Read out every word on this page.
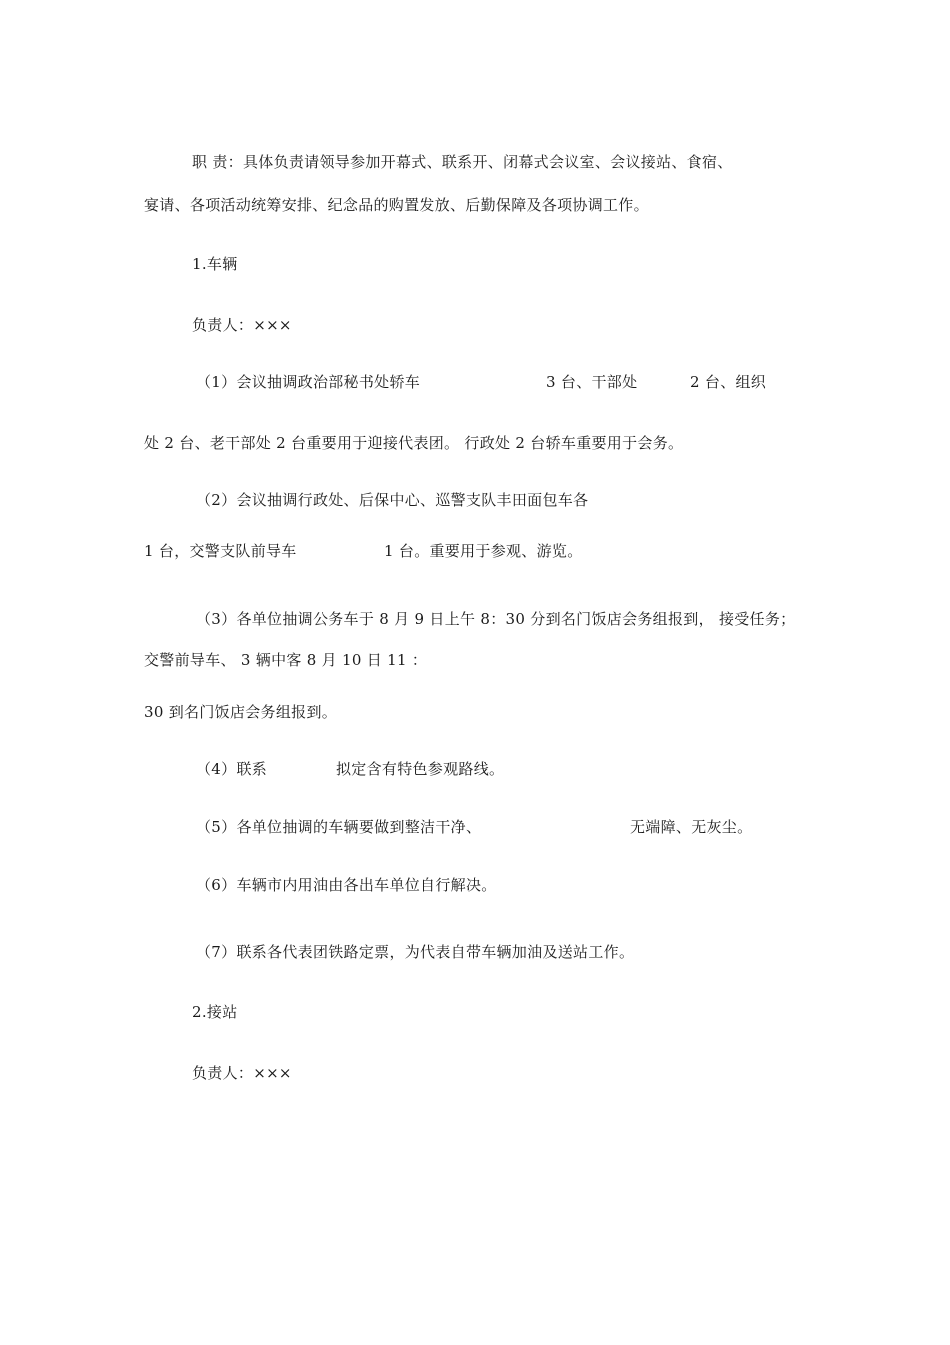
职 责：具体负责请领导参加开幕式、联系开、闭幕式会议室、会议接站、食宿、
宴请、各项活动统筹安排、纪念品的购置发放、后勤保障及各项协调工作。
1.车辆
负责人：×××
（1）会议抽调政治部秘书处轿车	3 台、干部处	2 台、组织
处 2 台、老干部处 2 台重要用于迎接代表团。 行政处 2 台轿车重要用于会务。
（2）会议抽调行政处、后保中心、巡警支队丰田面包车各
1 台，交警支队前导车	1 台。重要用于参观、游览。
（3）各单位抽调公务车于 8 月 9 日上午 8：30 分到名门饭店会务组报到， 接受任务；
交警前导车、 3 辆中客 8 月 10 日 11 ：
30 到名门饭店会务组报到。
（4）联系	拟定含有特色参观路线。
（5）各单位抽调的车辆要做到整洁干净、	无端障、无灰尘。
（6）车辆市内用油由各出车单位自行解决。
（7）联系各代表团铁路定票，为代表自带车辆加油及送站工作。
2.接站
负责人：×××
